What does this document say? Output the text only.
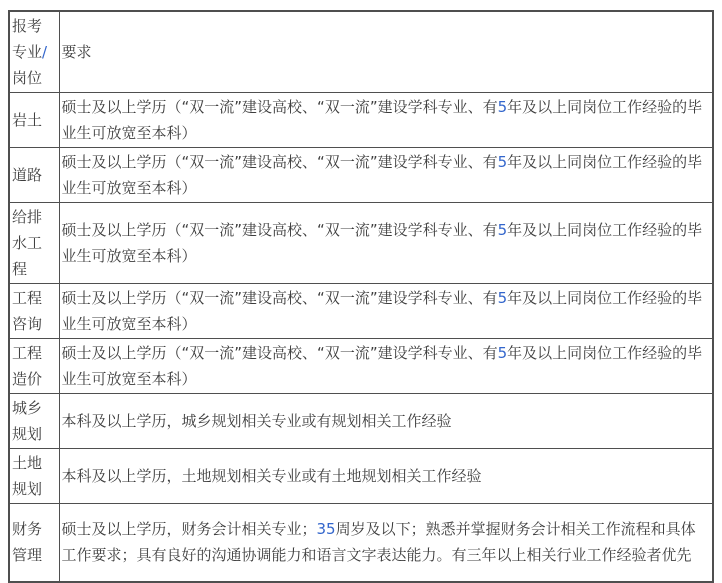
报考专业/岗位	要求
岩土	硕士及以上学历（“双一流”建设高校、“双一流”建设学科专业、有5年及以上同岗位工作经验的毕业生可放宽至本科）
道路	硕士及以上学历（“双一流”建设高校、“双一流”建设学科专业、有5年及以上同岗位工作经验的毕业生可放宽至本科）
给排水工程	硕士及以上学历（“双一流”建设高校、“双一流”建设学科专业、有5年及以上同岗位工作经验的毕业生可放宽至本科）
工程咨询	硕士及以上学历（“双一流”建设高校、“双一流”建设学科专业、有5年及以上同岗位工作经验的毕业生可放宽至本科）
工程造价	硕士及以上学历（“双一流”建设高校、“双一流”建设学科专业、有5年及以上同岗位工作经验的毕业生可放宽至本科）
城乡规划	本科及以上学历，城乡规划相关专业或有规划相关工作经验
土地规划	本科及以上学历，土地规划相关专业或有土地规划相关工作经验
财务管理	硕士及以上学历，财务会计相关专业；35周岁及以下；熟悉并掌握财务会计相关工作流程和具体工作要求；具有良好的沟通协调能力和语言文字表达能力。有三年以上相关行业工作经验者优先
